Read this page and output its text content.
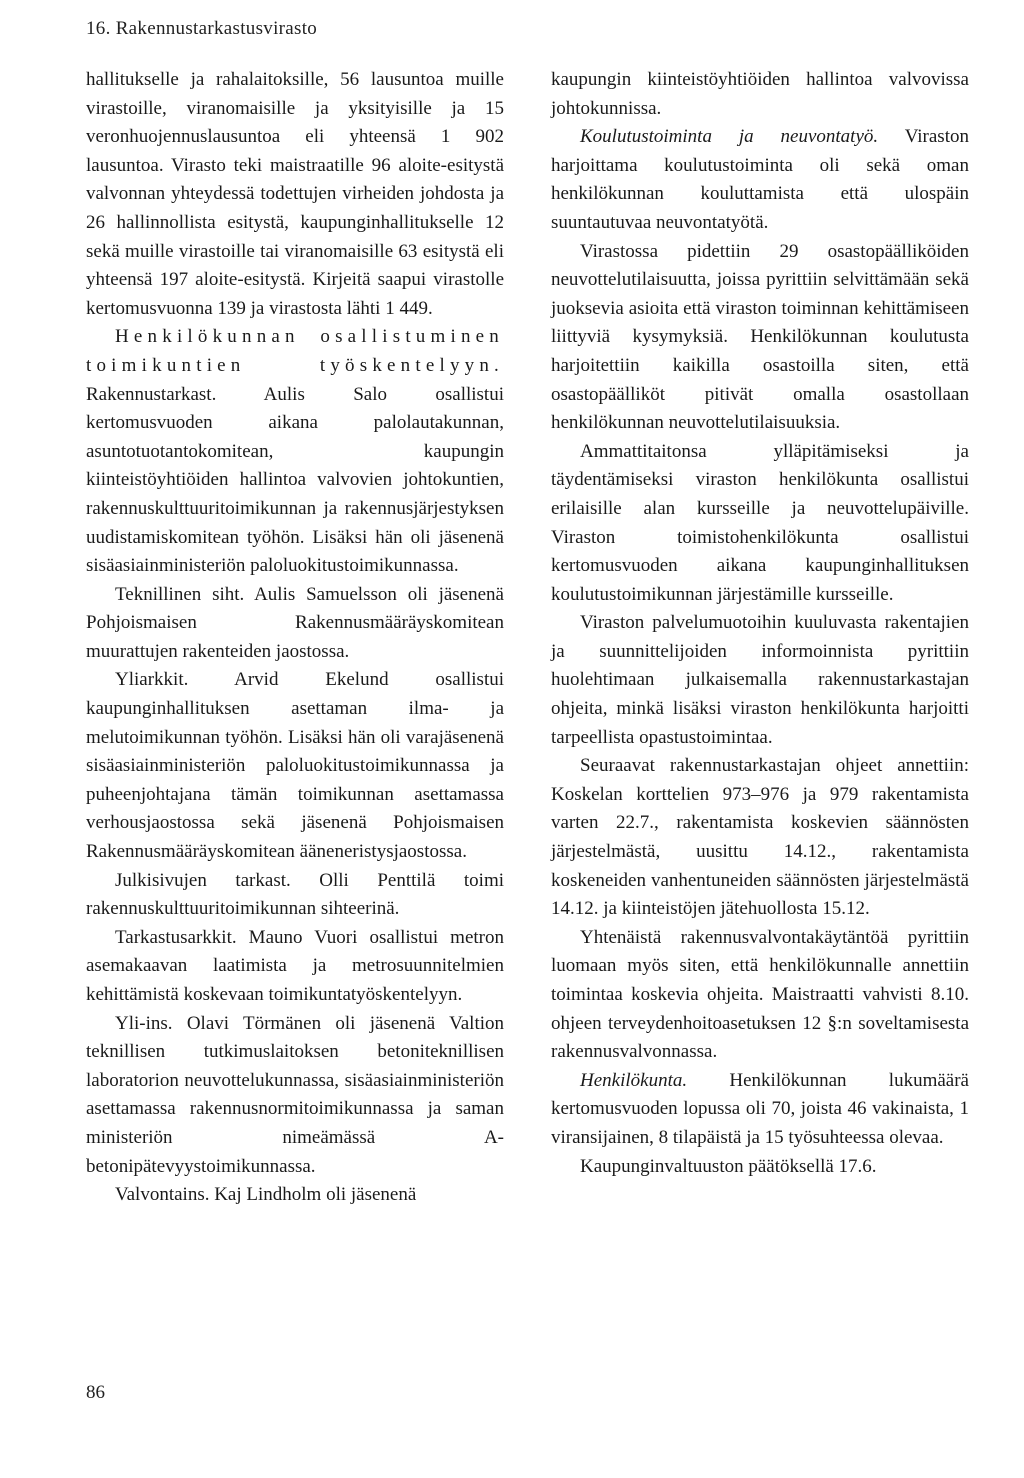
16. Rakennustarkastusvirasto

hallitukselle ja rahalaitoksille, 56 lausuntoa muille virastoille, viranomaisille ja yksityisille ja 15 veronhuojennuslausuntoa eli yhteensä 1 902 lausuntoa. Virasto teki maistraatille 96 aloite-esitystä valvonnan yhteydessä todettujen virheiden johdosta ja 26 hallinnollista esitystä, kaupunginhallitukselle 12 sekä muille virastoille tai viranomaisille 63 esitystä eli yhteensä 197 aloite-esitystä. Kirjeitä saapui virastolle kertomusvuonna 139 ja virastosta lähti 1 449.

Henkilökunnan osallistuminen toimikuntien työskentelyyn. Rakennustarkast. Aulis Salo osallistui kertomusvuoden aikana palolautakunnan, asuntotuotantokomitean, kaupungin kiinteistöyhtiöiden hallintoa valvovien johtokuntien, rakennuskulttuuritoimikunnan ja rakennusjärjestyksen uudistamiskomitean työhön. Lisäksi hän oli jäsenenä sisäasiainministeriön paloluokitustoimikunnassa.

Teknillinen siht. Aulis Samuelsson oli jäsenenä Pohjoismaisen Rakennusmääräyskomitean muurattujen rakenteiden jaostossa.

Yliarkkit. Arvid Ekelund osallistui kaupunginhallituksen asettaman ilma- ja melutoimikunnan työhön. Lisäksi hän oli varajäsenenä sisäasiainministeriön paloluokitustoimikunnassa ja puheenjohtajana tämän toimikunnan asettamassa verhousjaostossa sekä jäsenenä Pohjoismaisen Rakennusmääräyskomitean ääneneristysjaostossa.

Julkisivujen tarkast. Olli Penttilä toimi rakennuskulttuuritoimikunnan sihteerinä.

Tarkastusarkkit. Mauno Vuori osallistui metron asemakaavan laatimista ja metrosuunnitelmien kehittämistä koskevaan toimikuntatyöskentelyyn.

Yli-ins. Olavi Törmänen oli jäsenenä Valtion teknillisen tutkimuslaitoksen betoniteknillisen laboratorion neuvottelukunnassa, sisäasiainministeriön asettamassa rakennusnormitoimikunnassa ja saman ministeriön nimeämässä A-betonipätevyystoimikunnassa.

Valvontains. Kaj Lindholm oli jäsenenä

kaupungin kiinteistöyhtiöiden hallintoa valvovissa johtokunnissa.

Koulutustoiminta ja neuvontatyö. Viraston harjoittama koulutustoiminta oli sekä oman henkilökunnan kouluttamista että ulospäin suuntautuvaa neuvontatyötä.

Virastossa pidettiin 29 osastopäälliköiden neuvottelutilaisuutta, joissa pyrittiin selvittämään sekä juoksevia asioita että viraston toiminnan kehittämiseen liittyviä kysymyksiä. Henkilökunnan koulutusta harjoitettiin kaikilla osastoilla siten, että osastopäälliköt pitivät omalla osastollaan henkilökunnan neuvottelutilaisuuksia.

Ammattitaitonsa ylläpitämiseksi ja täydentämiseksi viraston henkilökunta osallistui erilaisille alan kursseille ja neuvottelupäiville. Viraston toimistohenkilökunta osallistui kertomusvuoden aikana kaupunginhallituksen koulutustoimikunnan järjestämille kursseille.

Viraston palvelumuotoihin kuuluvasta rakentajien ja suunnittelijoiden informoinnista pyrittiin huolehtimaan julkaisemalla rakennustarkastajan ohjeita, minkä lisäksi viraston henkilökunta harjoitti tarpeellista opastustoimintaa.

Seuraavat rakennustarkastajan ohjeet annettiin: Koskelan korttelien 973–976 ja 979 rakentamista varten 22.7., rakentamista koskevien säännösten järjestelmästä, uusittu 14.12., rakentamista koskeneiden vanhentuneiden säännösten järjestelmästä 14.12. ja kiinteistöjen jätehuollosta 15.12.

Yhtenäistä rakennusvalvontakäytäntöä pyrittiin luomaan myös siten, että henkilökunnalle annettiin toimintaa koskevia ohjeita. Maistraatti vahvisti 8.10. ohjeen terveydenhoitoasetuksen 12 §:n soveltamisesta rakennusvalvonnassa.

Henkilökunta. Henkilökunnan lukumäärä kertomusvuoden lopussa oli 70, joista 46 vakinaista, 1 viransijainen, 8 tilapäistä ja 15 työsuhteessa olevaa.

Kaupunginvaltuuston päätöksellä 17.6.

86
